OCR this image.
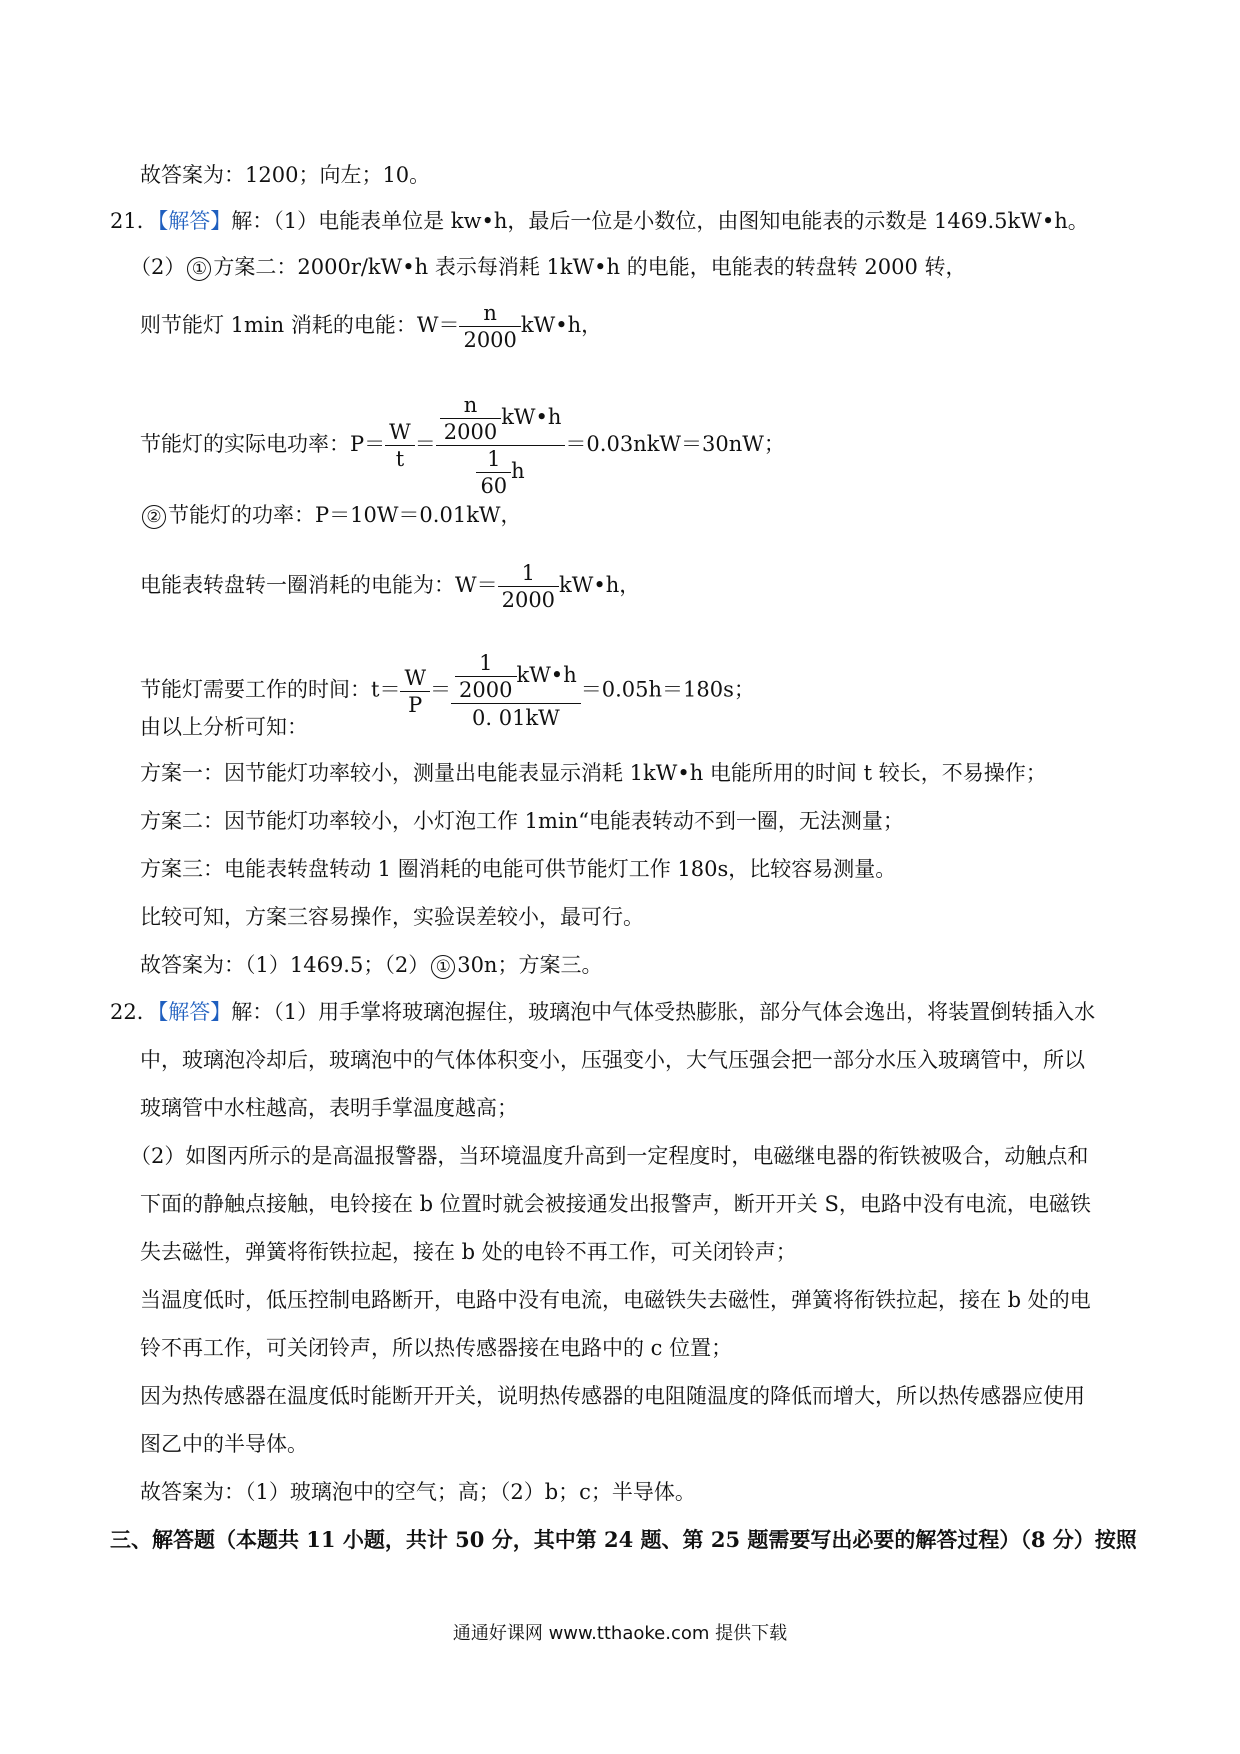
故答案为：1200；向左；10。
21．【解答】解：（1）电能表单位是 kw•h，最后一位是小数位，由图知电能表的示数是 1469.5kW•h。
（2） ① 方案二：2000r/kW•h 表示每消耗 1kW•h 的电能，电能表的转盘转 2000 转，
则节能灯 1min 消耗的电能：$W= \frac{n}{2000}$ kW•h，
节能灯的实际电功率：$P= \frac{W}{t} = \frac{\frac{n}{2000} kW•h}{\frac{1}{60} h} =0.03nkW=30nW$；
② 节能灯的功率：P＝10W＝0.01kW，
电能表转盘转一圈消耗的电能为：$W= \frac{1}{2000}$ kW•h，
节能灯需要工作的时间：$t= \frac{W}{P} = \frac{\frac{1}{2000} kW•h}{0. 01kW} =0.05h=180s$；
由以上分析可知：
方案一：因节能灯功率较小，测量出电能表显示消耗 1kW•h 电能所用的时间 t 较长，不易操作；
方案二：因节能灯功率较小，小灯泡工作 1min“电能表转动不到一圈，无法测量；
方案三：电能表转盘转动 1 圈消耗的电能可供节能灯工作 180s，比较容易测量。
比较可知，方案三容易操作，实验误差较小，最可行。
故答案为：（1）1469.5；（2） ① 30n；方案三。
22．【解答】解：（1）用手掌将玻璃泡握住，玻璃泡中气体受热膨胀，部分气体会逸出，将装置倒转插入水
中，玻璃泡冷却后，玻璃泡中的气体体积变小，压强变小，大气压强会把一部分水压入玻璃管中，所以
玻璃管中水柱越高，表明手掌温度越高；
（2）如图丙所示的是高温报警器，当环境温度升高到一定程度时，电磁继电器的衔铁被吸合，动触点和
下面的静触点接触，电铃接在 b 位置时就会被接通发出报警声，断开开关 S，电路中没有电流，电磁铁
失去磁性，弹簧将衔铁拉起，接在 b 处的电铃不再工作，可关闭铃声；
当温度低时，低压控制电路断开，电路中没有电流，电磁铁失去磁性，弹簧将衔铁拉起，接在 b 处的电
铃不再工作，可关闭铃声，所以热传感器接在电路中的 c 位置；
因为热传感器在温度低时能断开开关，说明热传感器的电阻随温度的降低而增大，所以热传感器应使用
图乙中的半导体。
故答案为：（1）玻璃泡中的空气；高；（2）b；c；半导体。
三、解答题（本题共 11 小题，共计 50 分，其中第 24 题、第 25 题需要写出必要的解答过程）（8 分）按照
通通好课网 www.tthaoke.com 提供下载
